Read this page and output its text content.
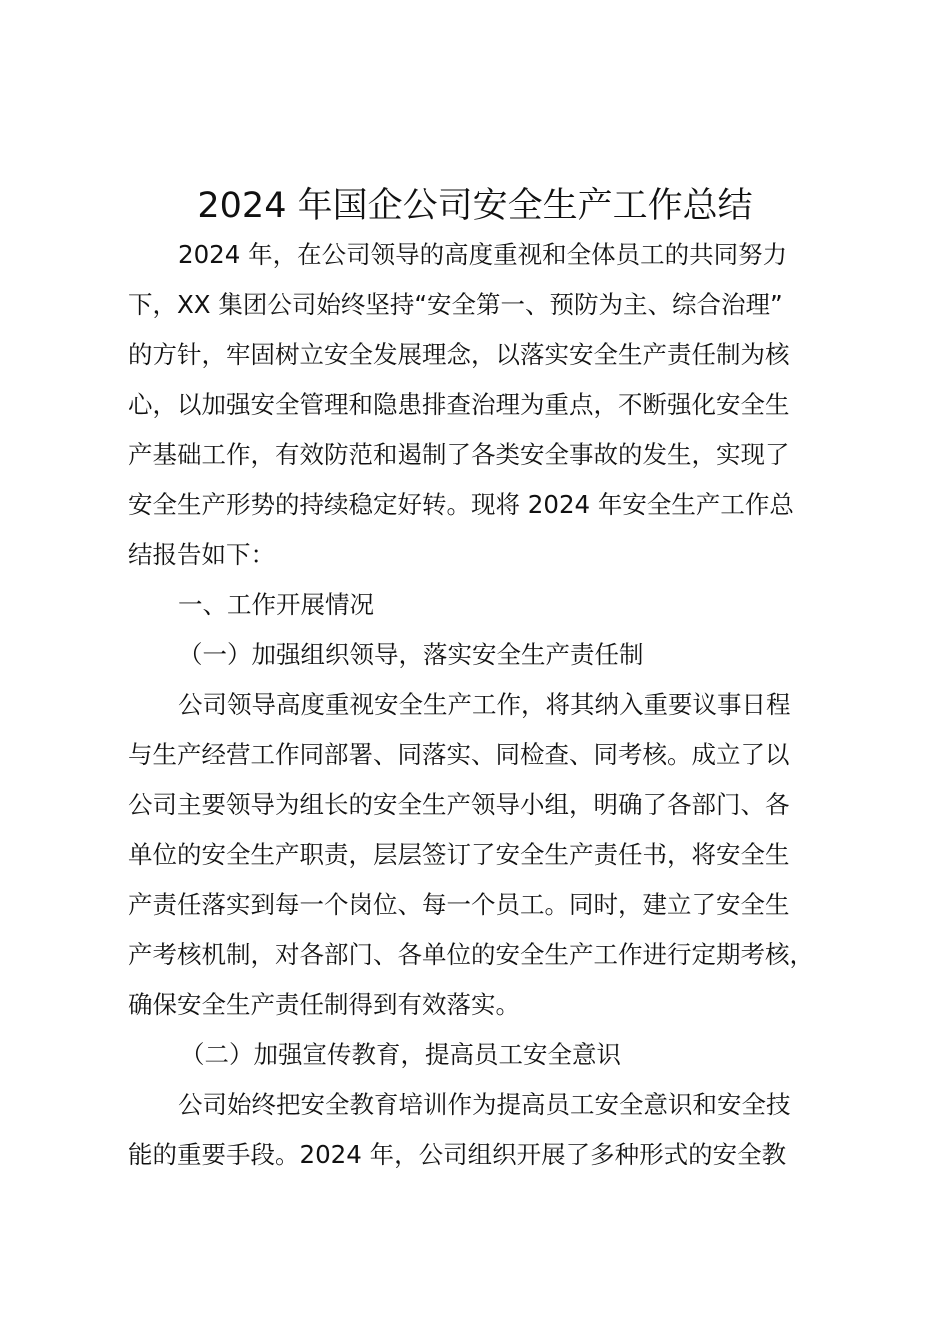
2024 年国企公司安全生产工作总结
2024 年，在公司领导的高度重视和全体员工的共同努力
下，XX 集团公司始终坚持“安全第一、预防为主、综合治理”
的方针，牢固树立安全发展理念，以落实安全生产责任制为核
心，以加强安全管理和隐患排查治理为重点，不断强化安全生
产基础工作，有效防范和遏制了各类安全事故的发生，实现了
安全生产形势的持续稳定好转。现将 2024 年安全生产工作总
结报告如下：
一、工作开展情况
（一）加强组织领导，落实安全生产责任制
公司领导高度重视安全生产工作，将其纳入重要议事日程
与生产经营工作同部署、同落实、同检查、同考核。成立了以
公司主要领导为组长的安全生产领导小组，明确了各部门、各
单位的安全生产职责，层层签订了安全生产责任书，将安全生
产责任落实到每一个岗位、每一个员工。同时，建立了安全生
产考核机制，对各部门、各单位的安全生产工作进行定期考核，
确保安全生产责任制得到有效落实。
（二）加强宣传教育，提高员工安全意识
公司始终把安全教育培训作为提高员工安全意识和安全技
能的重要手段。2024 年，公司组织开展了多种形式的安全教
